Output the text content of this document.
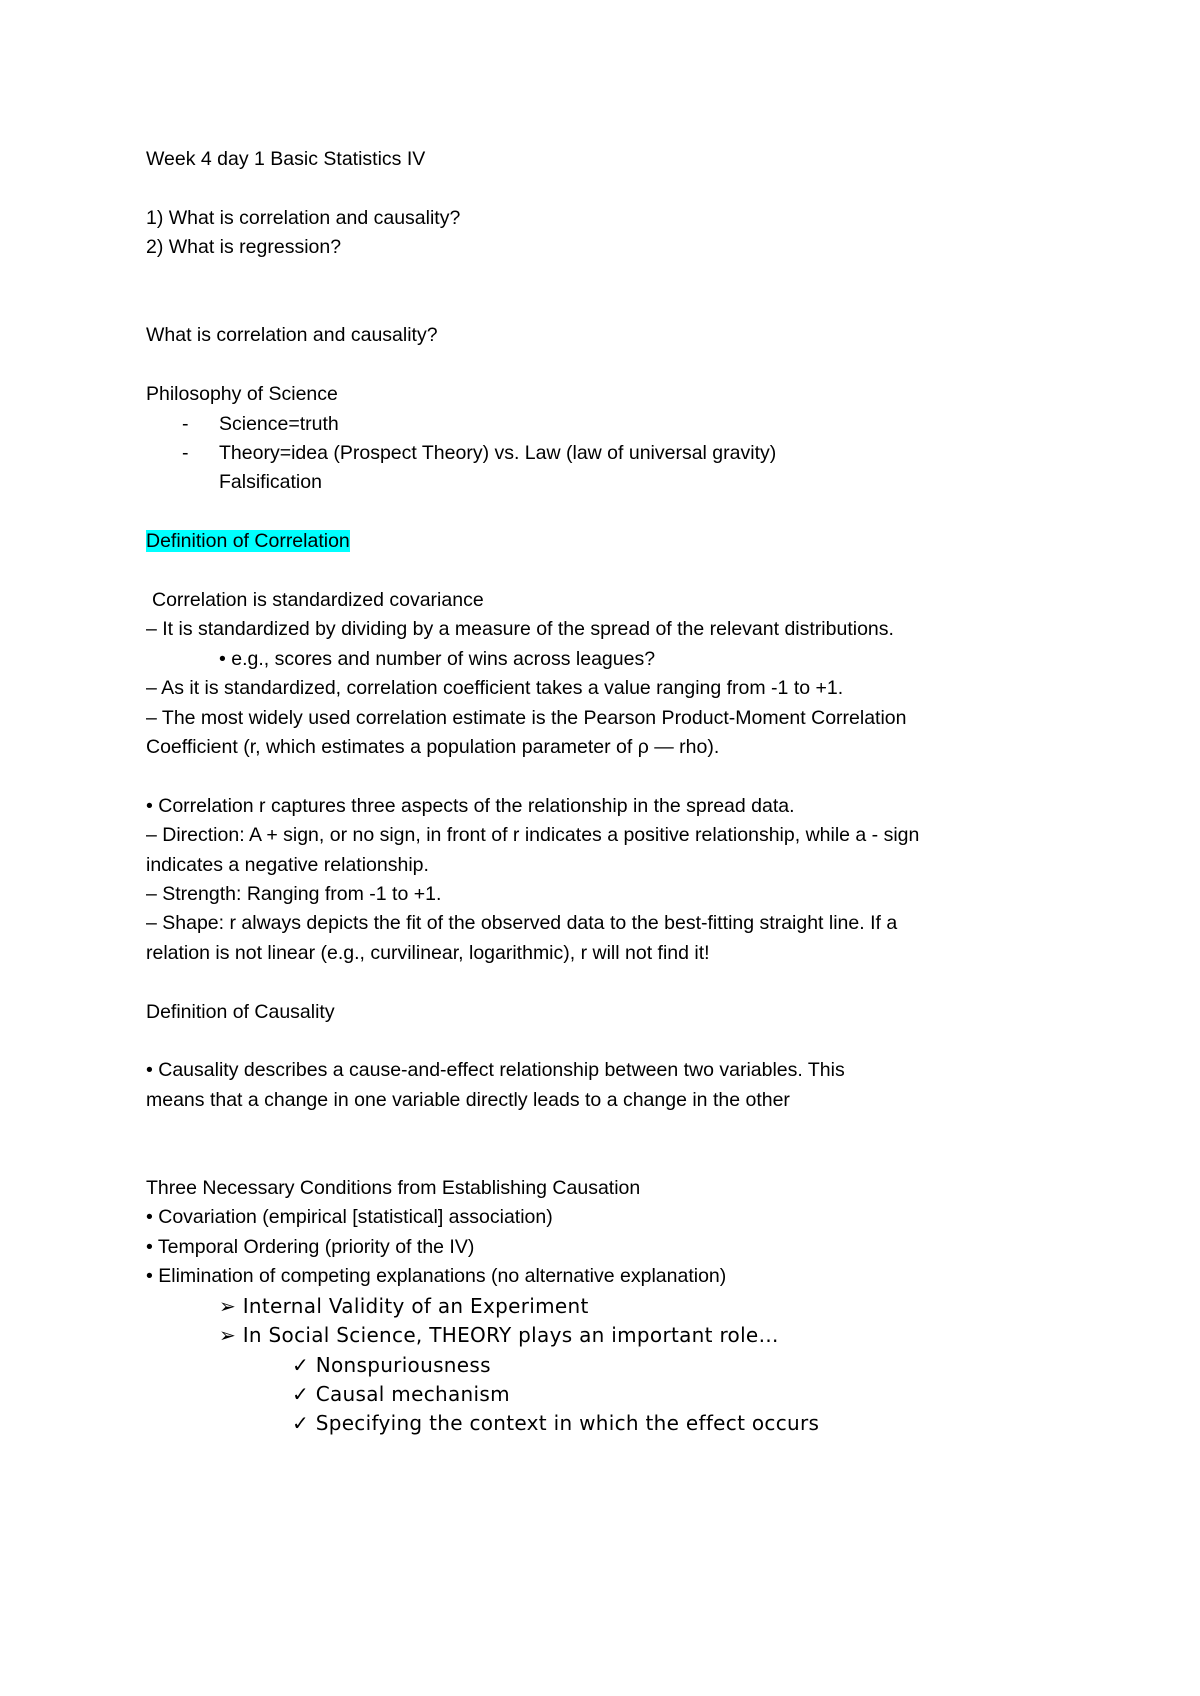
Week 4 day 1 Basic Statistics IV
1) What is correlation and causality?
2) What is regression?
What is correlation and causality?
Philosophy of Science
- Science=truth
- Theory=idea (Prospect Theory) vs. Law (law of universal gravity)
Falsification
Definition of Correlation
Correlation is standardized covariance
– It is standardized by dividing by a measure of the spread of the relevant distributions.
• e.g., scores and number of wins across leagues?
– As it is standardized, correlation coefficient takes a value ranging from -1 to +1.
– The most widely used correlation estimate is the Pearson Product-Moment Correlation
Coefficient (r, which estimates a population parameter of ρ — rho).
• Correlation r captures three aspects of the relationship in the spread data.
– Direction: A + sign, or no sign, in front of r indicates a positive relationship, while a - sign
indicates a negative relationship.
– Strength: Ranging from -1 to +1.
– Shape: r always depicts the fit of the observed data to the best-fitting straight line. If a
relation is not linear (e.g., curvilinear, logarithmic), r will not find it!
Definition of Causality
• Causality describes a cause-and-effect relationship between two variables. This
means that a change in one variable directly leads to a change in the other
Three Necessary Conditions from Establishing Causation
• Covariation (empirical [statistical] association)
• Temporal Ordering (priority of the IV)
• Elimination of competing explanations (no alternative explanation)
➢ Internal Validity of an Experiment
➢ In Social Science, THEORY plays an important role…
✓ Nonspuriousness
✓ Causal mechanism
✓ Specifying the context in which the effect occurs
